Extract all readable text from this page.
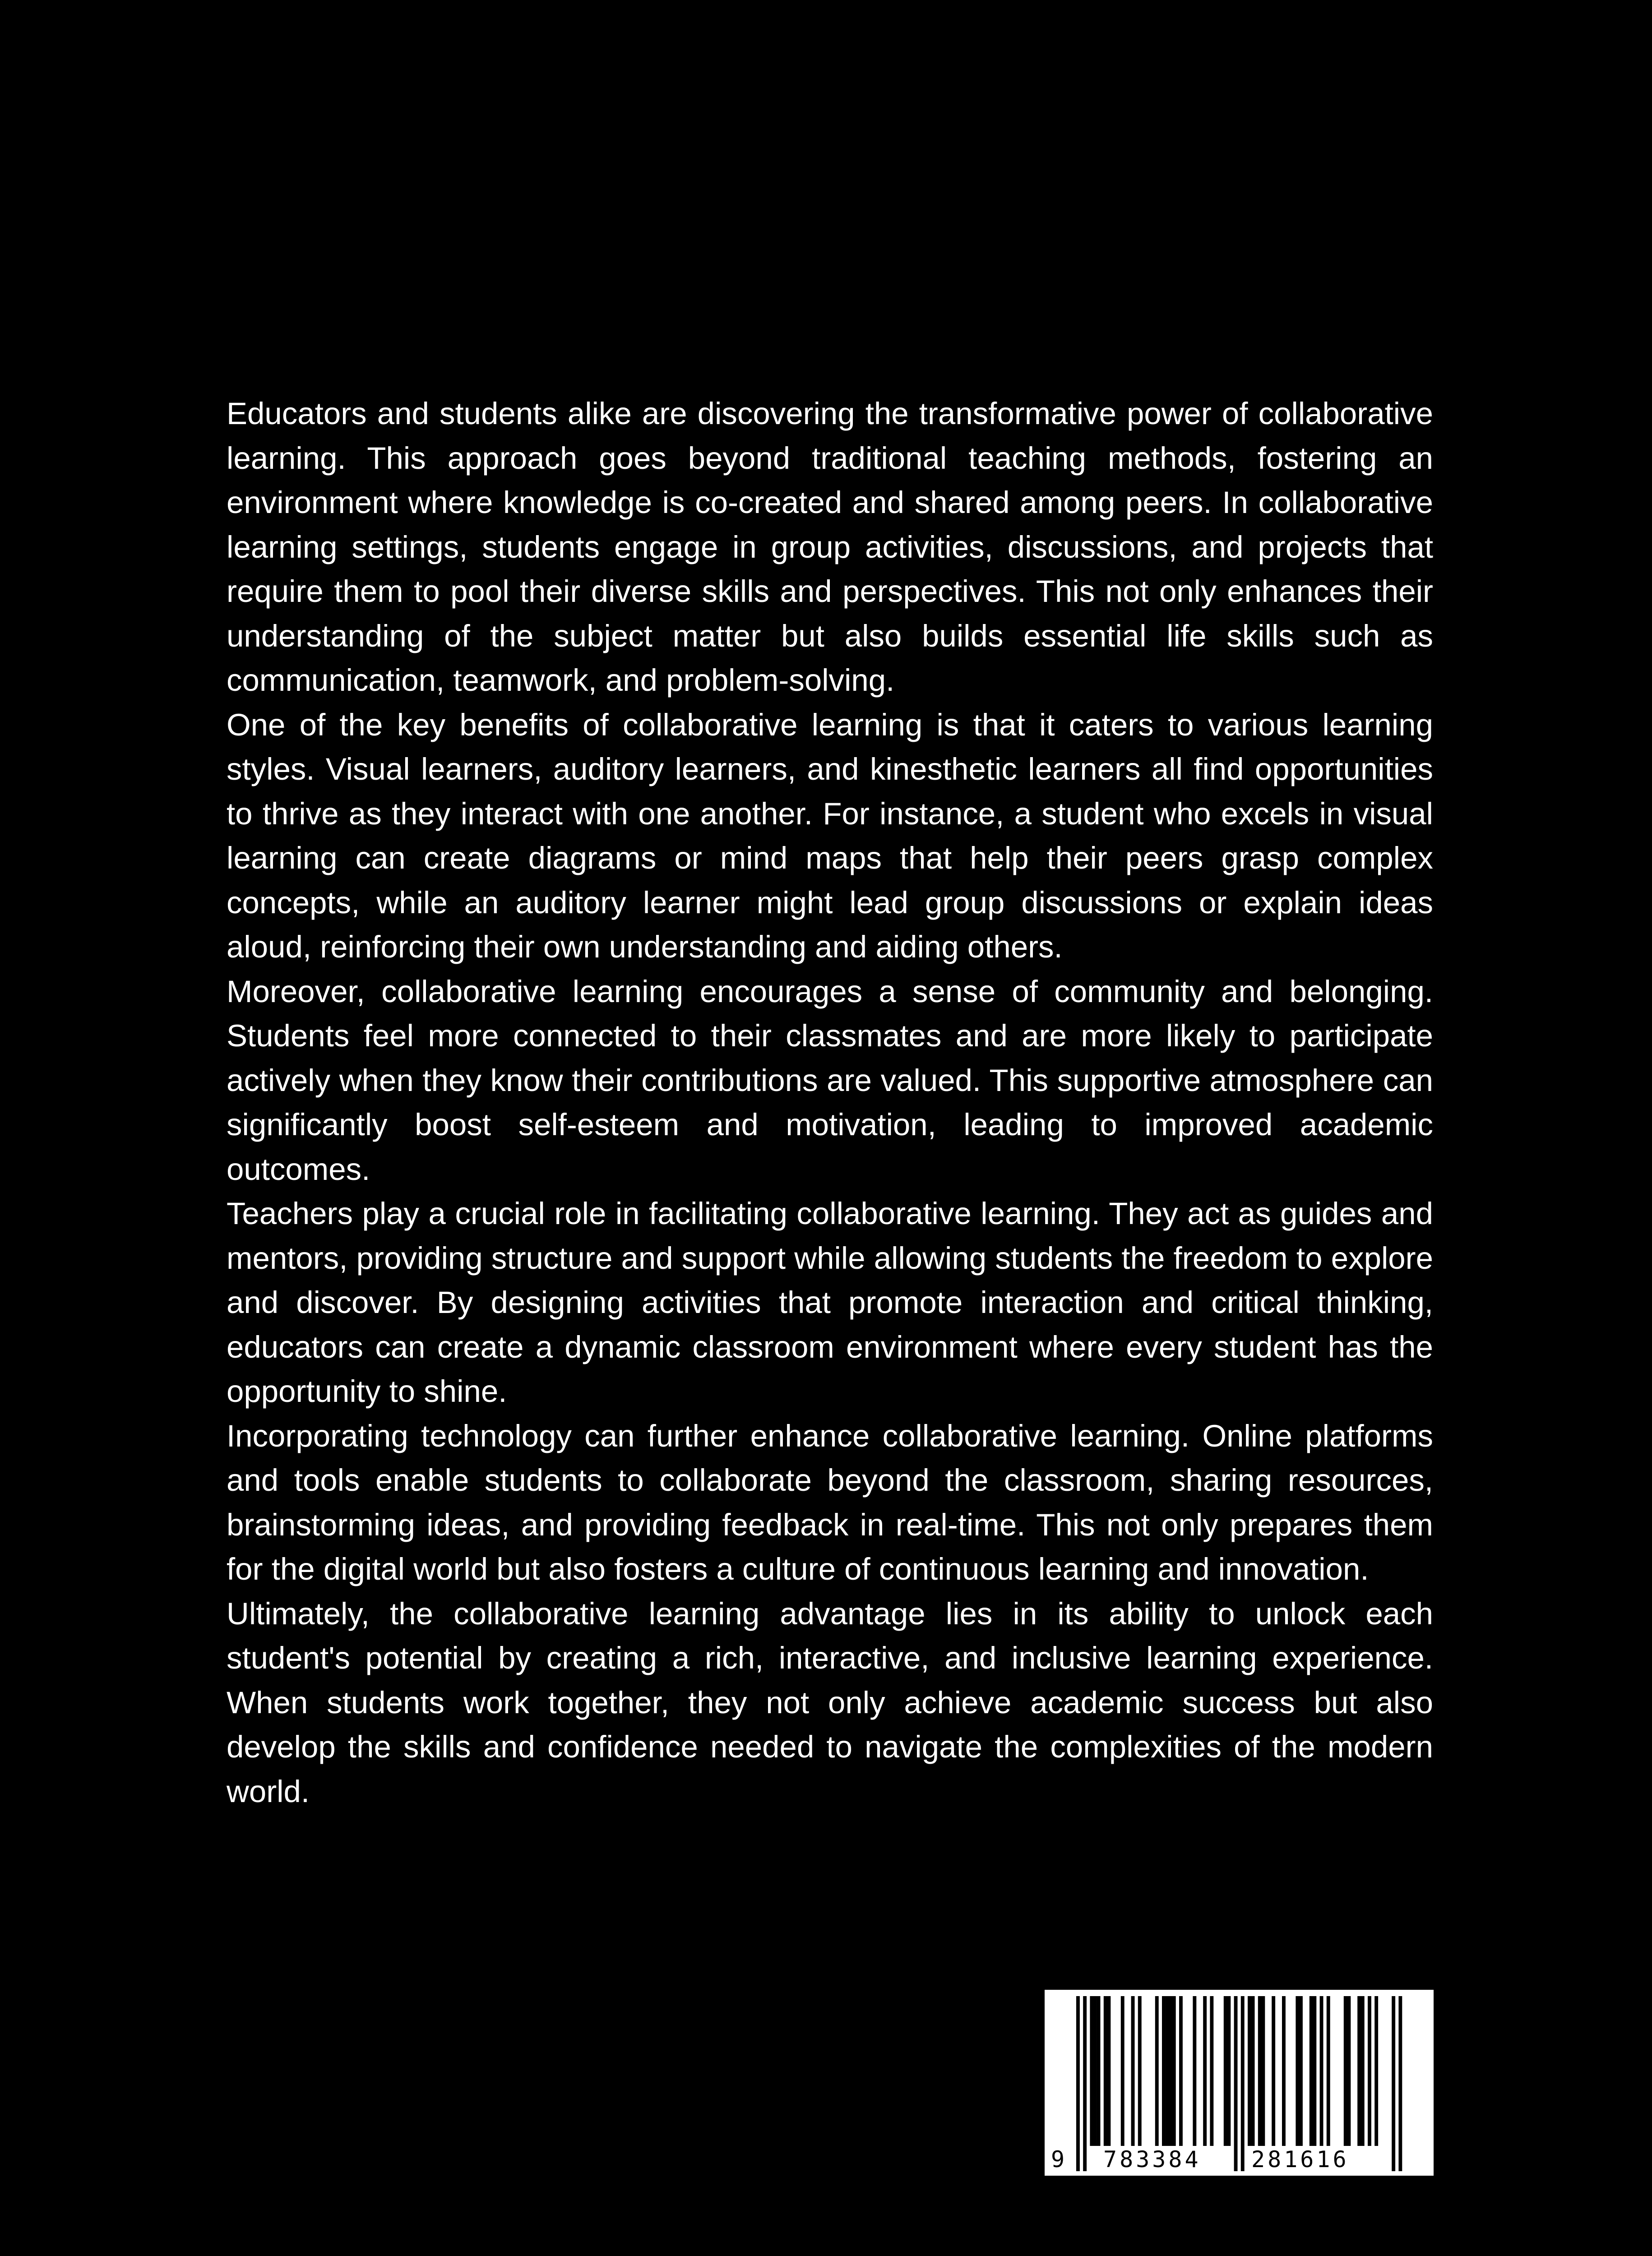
Educators and students alike are discovering the transformative power of collaborative learning. This approach goes beyond traditional teaching methods, fostering an environment where knowledge is co-created and shared among peers. In collaborative learning settings, students engage in group activities, discussions, and projects that require them to pool their diverse skills and perspectives. This not only enhances their understanding of the subject matter but also builds essential life skills such as communication, teamwork, and problem-solving.

One of the key benefits of collaborative learning is that it caters to various learning styles. Visual learners, auditory learners, and kinesthetic learners all find opportunities to thrive as they interact with one another. For instance, a student who excels in visual learning can create diagrams or mind maps that help their peers grasp complex concepts, while an auditory learner might lead group discussions or explain ideas aloud, reinforcing their own understanding and aiding others.

Moreover, collaborative learning encourages a sense of community and belonging. Students feel more connected to their classmates and are more likely to participate actively when they know their contributions are valued. This supportive atmosphere can significantly boost self-esteem and motivation, leading to improved academic outcomes.

Teachers play a crucial role in facilitating collaborative learning. They act as guides and mentors, providing structure and support while allowing students the freedom to explore and discover. By designing activities that promote interaction and critical thinking, educators can create a dynamic classroom environment where every student has the opportunity to shine.

Incorporating technology can further enhance collaborative learning. Online platforms and tools enable students to collaborate beyond the classroom, sharing resources, brainstorming ideas, and providing feedback in real-time. This not only prepares them for the digital world but also fosters a culture of continuous learning and innovation.

Ultimately, the collaborative learning advantage lies in its ability to unlock each student's potential by creating a rich, interactive, and inclusive learning experience. When students work together, they not only achieve academic success but also develop the skills and confidence needed to navigate the complexities of the modern world.

9 783384 281616
